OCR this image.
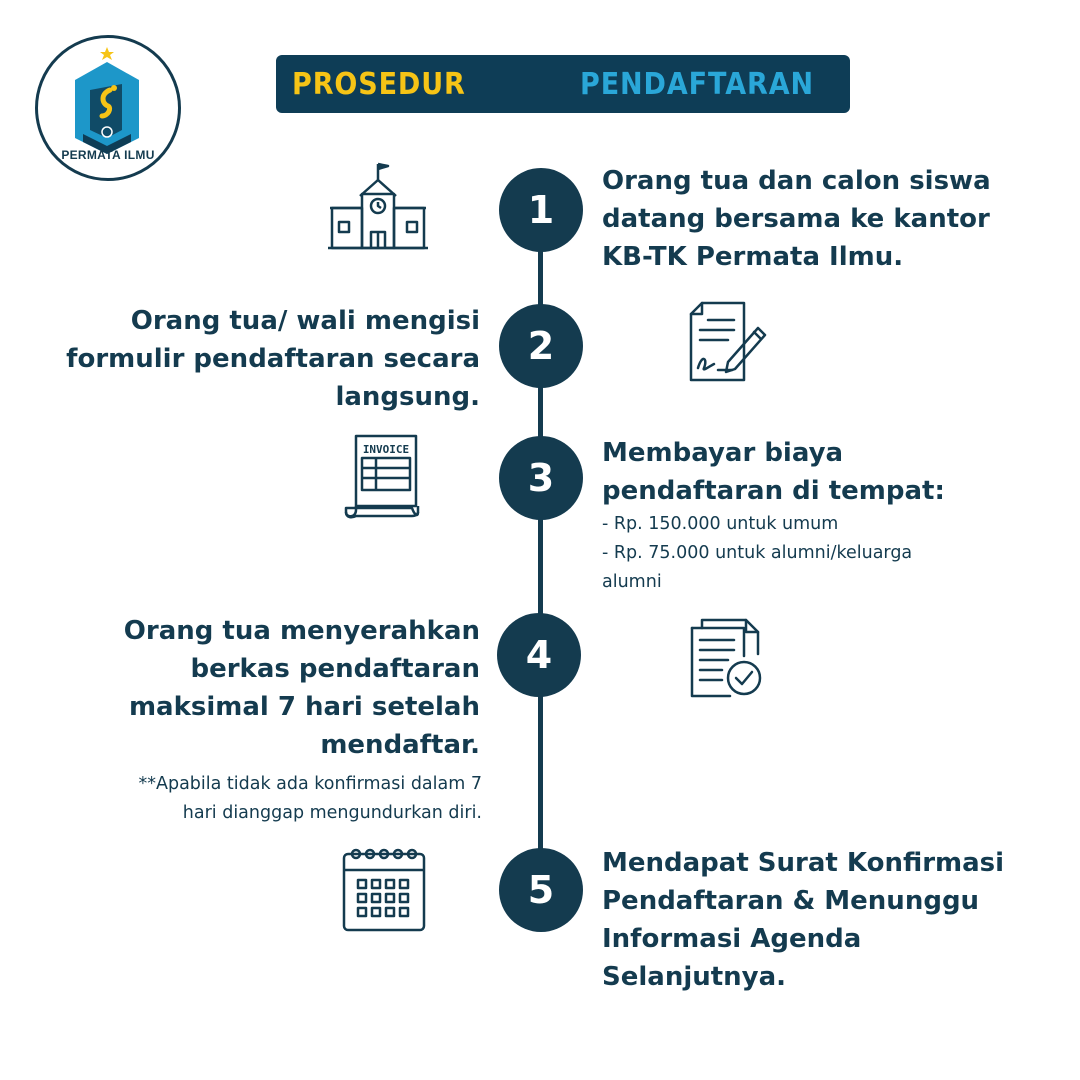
PERMATA ILMU
PROSEDUR	PENDAFTARAN
1
Orang tua dan calon siswa
datang bersama ke kantor
KB-TK Permata Ilmu.
2
Orang tua/ wali mengisi
formulir pendaftaran secara
langsung.
3
Membayar biaya
pendaftaran di tempat:
- Rp. 150.000 untuk umum
- Rp. 75.000 untuk alumni/keluarga
alumni
INVOICE
4
Orang tua menyerahkan
berkas pendaftaran
maksimal 7 hari setelah
mendaftar.
**Apabila tidak ada konfirmasi dalam 7
hari dianggap mengundurkan diri.
5
Mendapat Surat Konfirmasi
Pendaftaran & Menunggu
Informasi Agenda
Selanjutnya.
